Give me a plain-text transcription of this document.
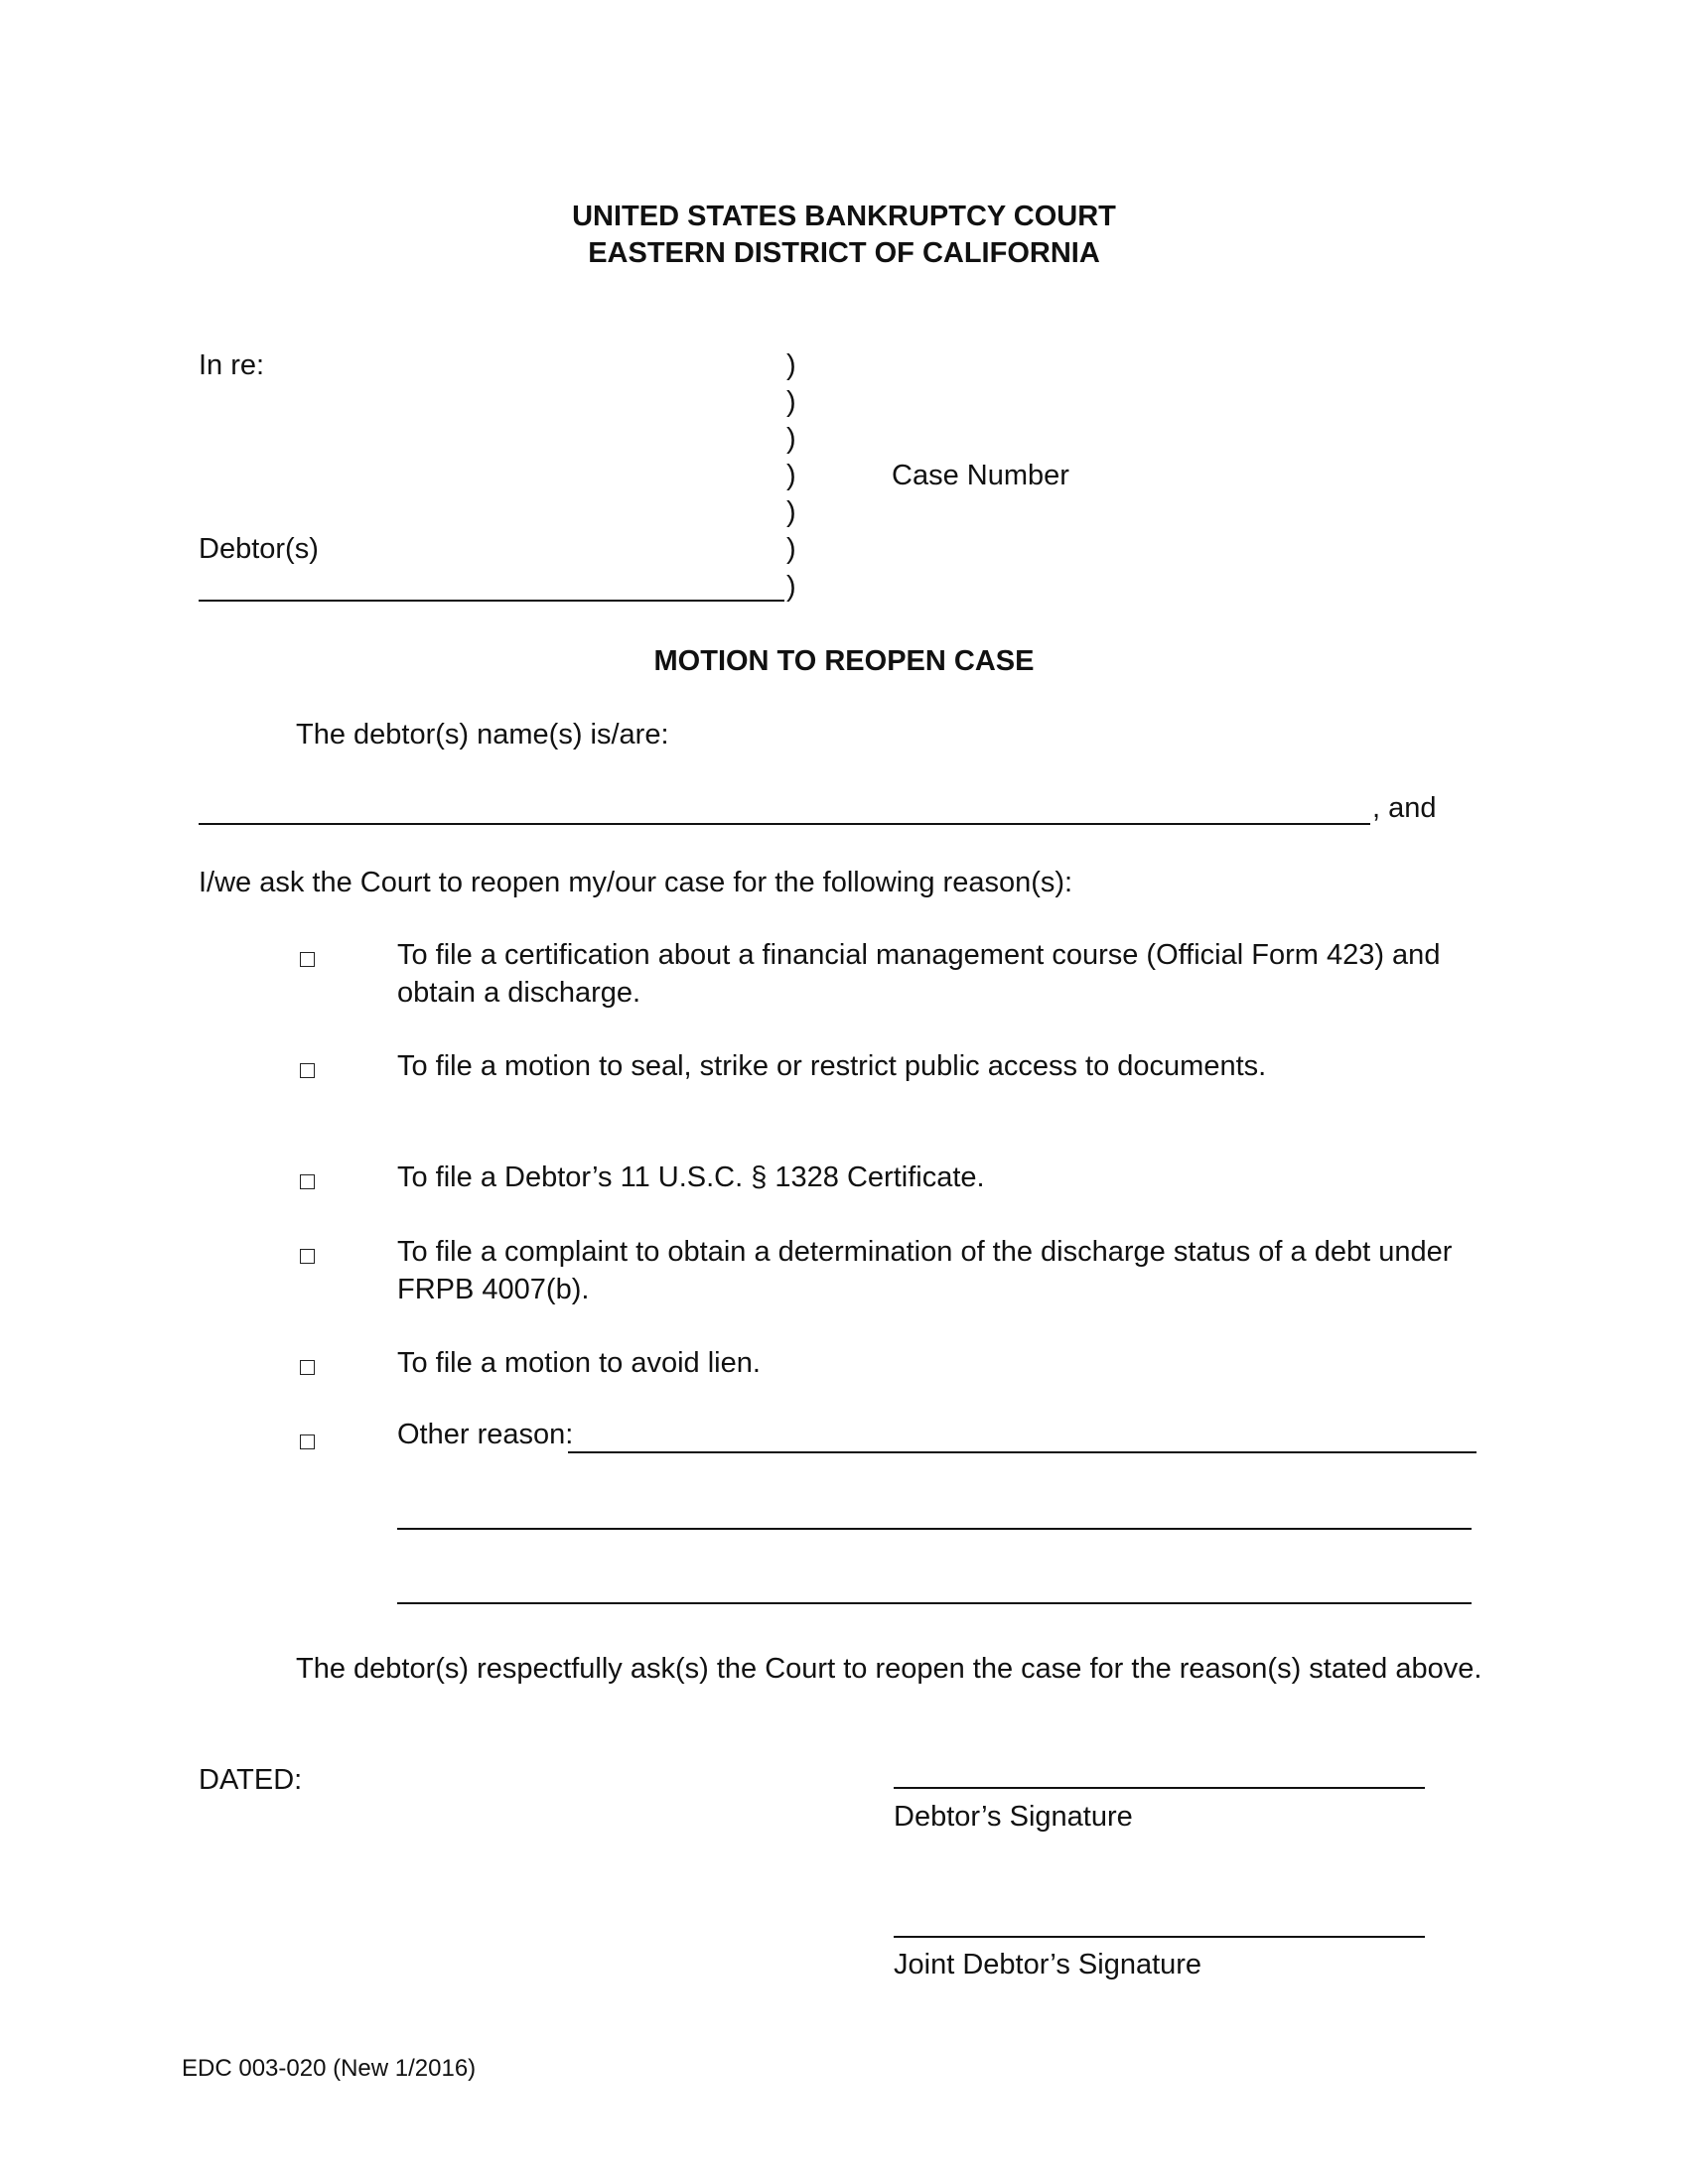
UNITED STATES BANKRUPTCY COURT
EASTERN DISTRICT OF CALIFORNIA
In re:
Debtor(s)
)
)
)
)
)
)
)
Case Number
MOTION TO REOPEN CASE
The debtor(s) name(s) is/are:
, and
I/we ask the Court to reopen my/our case for the following reason(s):
To file a certification about a financial management course (Official Form 423) and obtain a discharge.
To file a motion to seal, strike or restrict public access to documents.
To file a Debtor’s 11 U.S.C. § 1328 Certificate.
To file a complaint to obtain a determination of the discharge status of a debt under FRPB 4007(b).
To file a motion to avoid lien.
Other reason:
The debtor(s) respectfully ask(s) the Court to reopen the case for the reason(s) stated above.
DATED:
Debtor’s Signature
Joint Debtor’s Signature
EDC 003-020 (New 1/2016)
